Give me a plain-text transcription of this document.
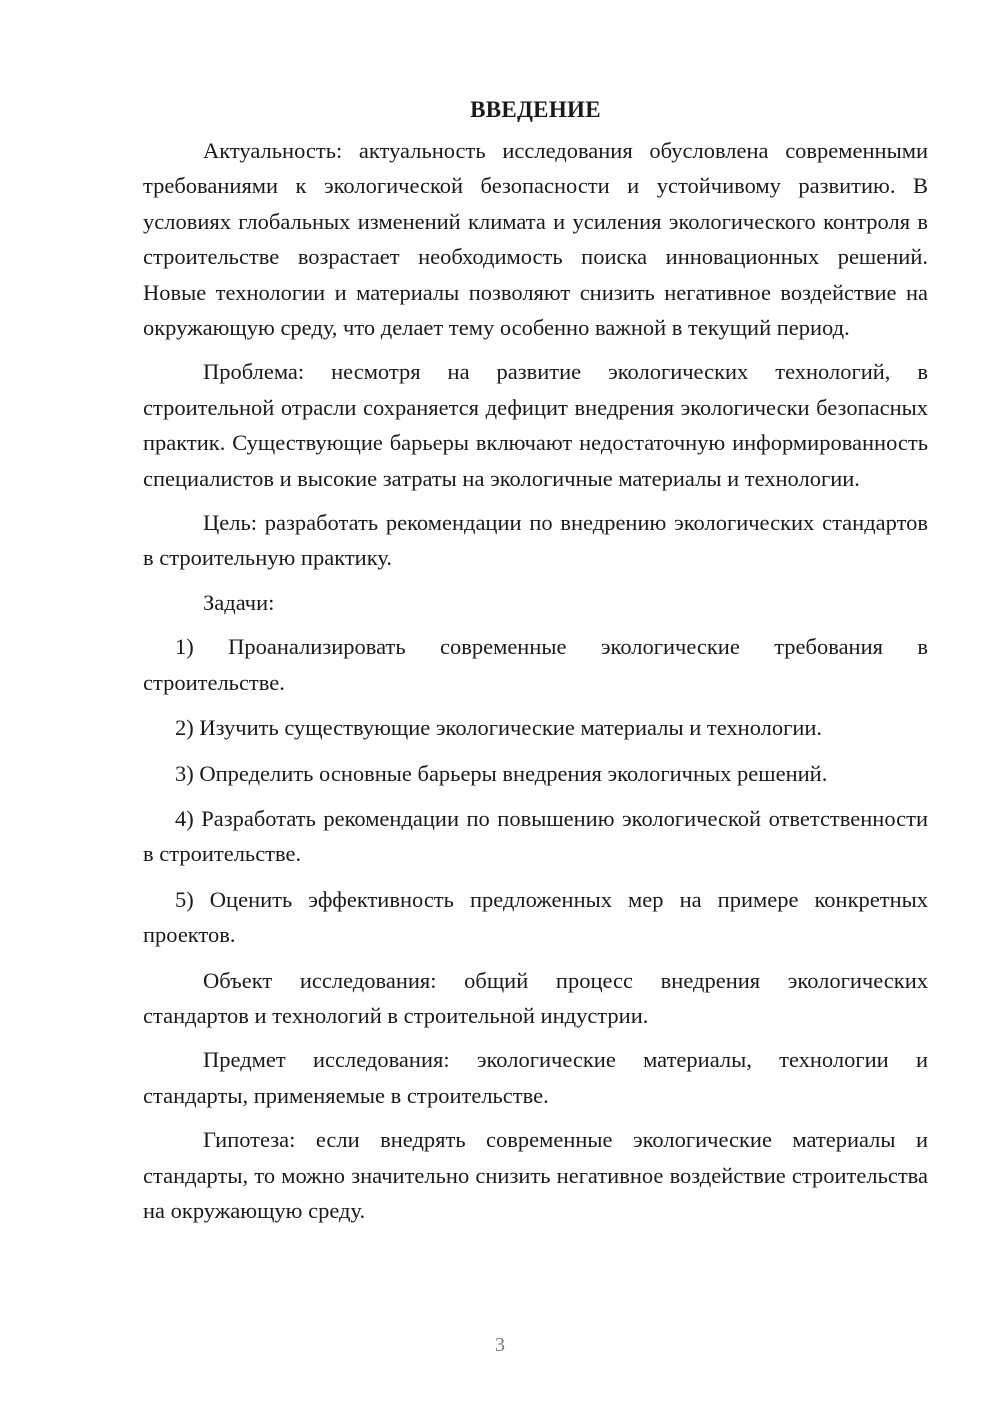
ВВЕДЕНИЕ

Актуальность: актуальность исследования обусловлена современными требованиями к экологической безопасности и устойчивому развитию. В условиях глобальных изменений климата и усиления экологического контроля в строительстве возрастает необходимость поиска инновационных решений. Новые технологии и материалы позволяют снизить негативное воздействие на окружающую среду, что делает тему особенно важной в текущий период.

Проблема: несмотря на развитие экологических технологий, в строительной отрасли сохраняется дефицит внедрения экологически безопасных практик. Существующие барьеры включают недостаточную информированность специалистов и высокие затраты на экологичные материалы и технологии.

Цель: разработать рекомендации по внедрению экологических стандартов в строительную практику.

Задачи:

1) Проанализировать современные экологические требования в строительстве.

2) Изучить существующие экологические материалы и технологии.

3) Определить основные барьеры внедрения экологичных решений.

4) Разработать рекомендации по повышению экологической ответственности в строительстве.

5) Оценить эффективность предложенных мер на примере конкретных проектов.

Объект исследования: общий процесс внедрения экологических стандартов и технологий в строительной индустрии.

Предмет исследования: экологические материалы, технологии и стандарты, применяемые в строительстве.

Гипотеза: если внедрять современные экологические материалы и стандарты, то можно значительно снизить негативное воздействие строительства на окружающую среду.

3
